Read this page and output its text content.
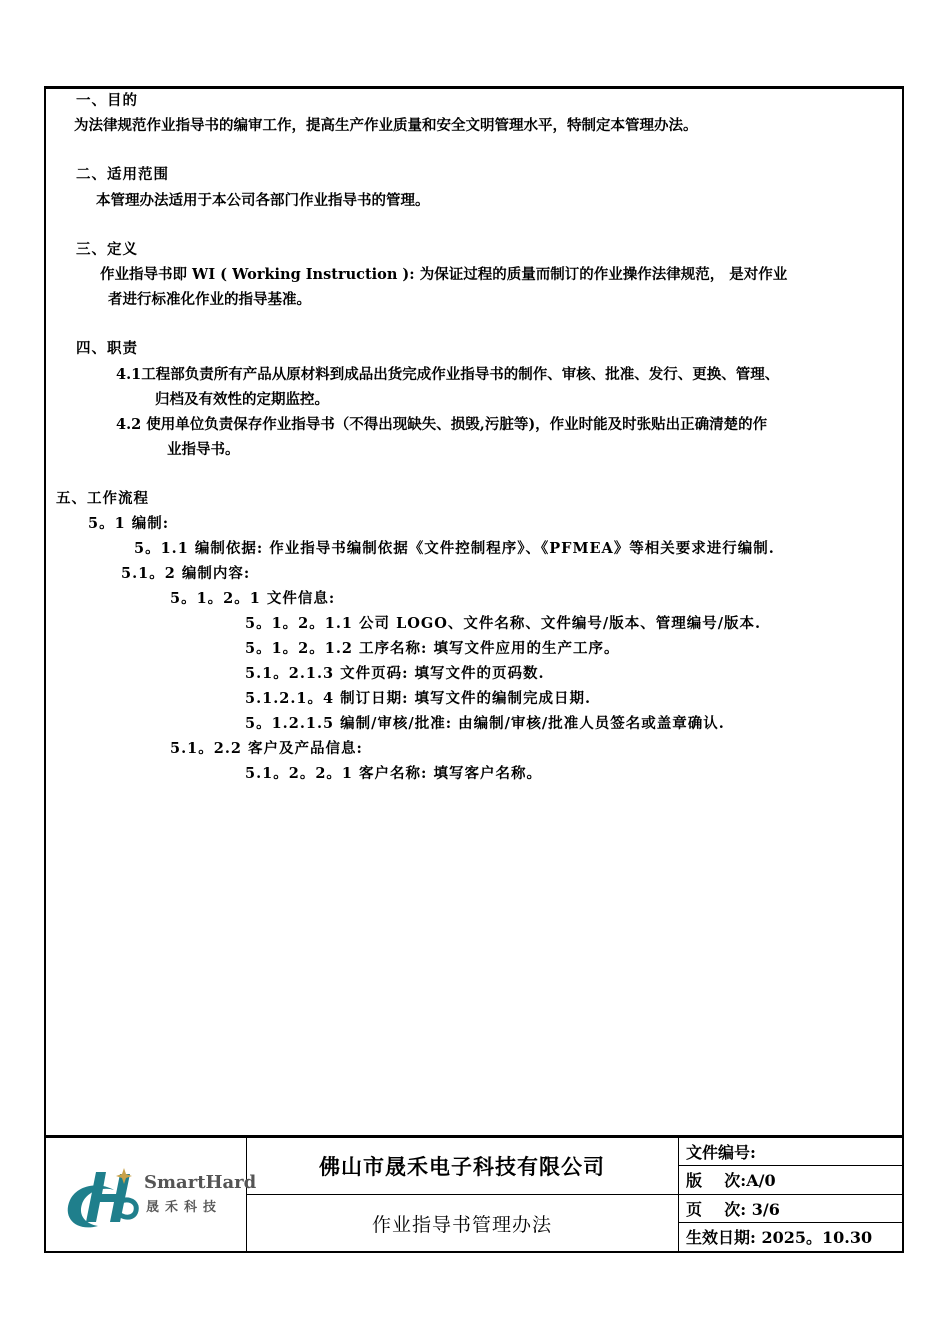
一、目的
为法律规范作业指导书的编审工作，提高生产作业质量和安全文明管理水平，特制定本管理办法。
二、适用范围
本管理办法适用于本公司各部门作业指导书的管理。
三、定义
作业指导书即 WI ( Working Instruction ): 为保证过程的质量而制订的作业操作法律规范， 是对作业
者进行标准化作业的指导基准。
四、职责
4.1工程部负责所有产品从原材料到成品出货完成作业指导书的制作、审核、批准、发行、更换、管理、
归档及有效性的定期监控。
4.2 使用单位负责保存作业指导书（不得出现缺失、损毁,污脏等)，作业时能及时张贴出正确清楚的作
业指导书。
五、工作流程
5。1 编制:
5。1.1 编制依据: 作业指导书编制依据《文件控制程序》、《PFMEA》等相关要求进行编制.
5.1。2 编制内容:
5。1。2。1 文件信息:
5。1。2。1.1 公司 LOGO、文件名称、文件编号/版本、管理编号/版本.
5。1。2。1.2 工序名称: 填写文件应用的生产工序。
5.1。2.1.3 文件页码: 填写文件的页码数.
5.1.2.1。4 制订日期: 填写文件的编制完成日期.
5。1.2.1.5 编制/审核/批准: 由编制/审核/批准人员签名或盖章确认.
5.1。2.2 客户及产品信息:
5.1。2。2。1 客户名称: 填写客户名称。
SmartHard
晟禾科技
佛山市晟禾电子科技有限公司
作业指导书管理办法
文件编号:
版    次:A/0
页    次: 3/6
生效日期: 2025。10.30
